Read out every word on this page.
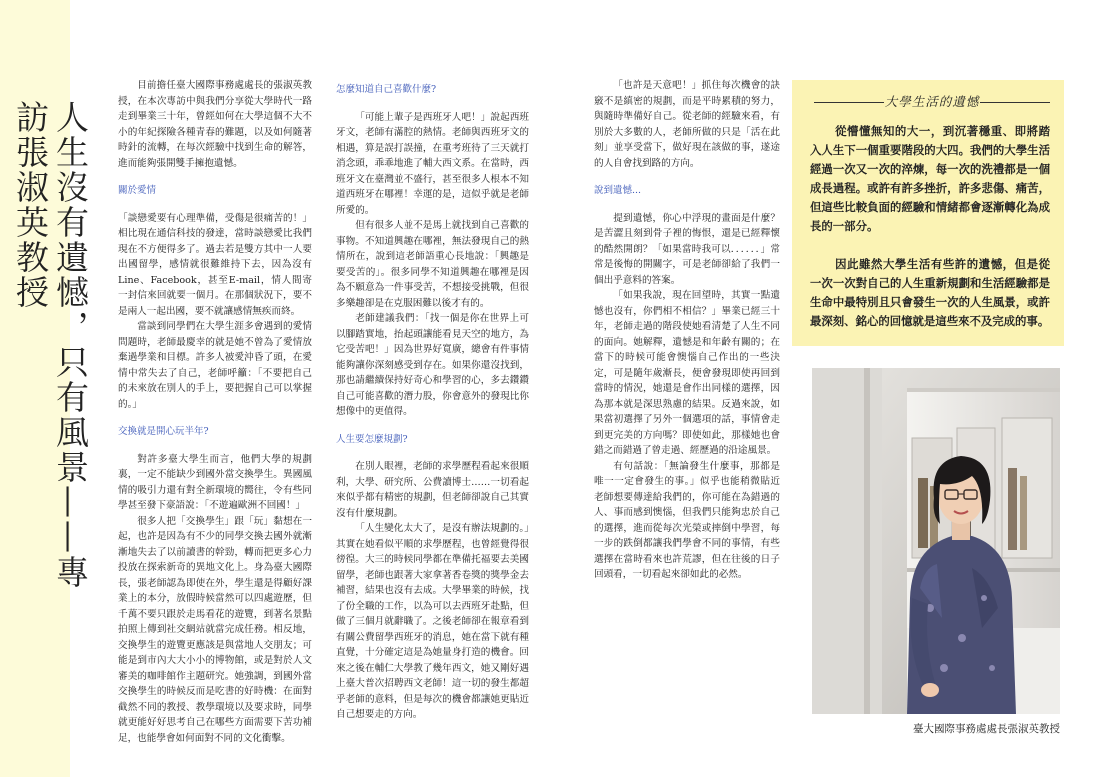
人生沒有遺憾，只有風景——專訪張淑英教授

目前擔任臺大國際事務處處長的張淑英教授，在本次專訪中與我們分享從大學時代一路走到畢業三十年，曾經如何在大學這個不大不小的年紀探險各種青春的難題，以及如何隨著時針的流轉，在每次經驗中找到生命的解答，進而能夠張開雙手擁抱遺憾。

關於愛情

「談戀愛要有心理準備，受傷是很痛苦的！」相比現在通信科技的發達，當時談戀愛比我們現在不方便得多了。過去若是雙方其中一人要出國留學，感情就很難維持下去，因為沒有Line、Facebook，甚至E-mail，情人間寄一封信來回就要一個月。在那個狀況下，要不是兩人一起出國，要不就讓感情無疾而終。

當談到同學們在大學生涯多會遇到的愛情問題時，老師最慶幸的就是她不曾為了愛情放棄過學業和目標。許多人被愛沖昏了頭，在愛情中常失去了自己，老師呼籲：「不要把自己的未來放在別人的手上，要把握自己可以掌握的。」

交換就是開心玩半年?

對許多臺大學生而言，他們大學的規劃裏，一定不能缺少到國外當交換學生。異國風情的吸引力還有對全新環境的嚮往，令有些同學甚至發下豪語說：「不遊遍歐洲不回國！」

很多人把「交換學生」跟「玩」黏想在一起，也許是因為有不少的同學交換去國外就漸漸地失去了以前讀書的幹勁，轉而把更多心力投放在探索新奇的異地文化上。身為臺大國際長，張老師認為即使在外，學生還是得顧好課業上的本分，放假時候當然可以四處遊歷，但千萬不要只跟於走馬看花的遊覽，到著名景點拍照上傳到社交網站就當完成任務。相反地，交換學生的遊覽更應該是與當地人交朋友；可能是到市內大大小小的博物館，或是對於人文審美的咖啡館作主題研究。她強調，到國外當交換學生的時候反而是吃書的好時機：在面對截然不同的教授、教學環境以及要求時，同學就更能好好思考自己在哪些方面需要下苦功補足，也能學會如何面對不同的文化衝擊。

怎麼知道自己喜歡什麼?

「可能上輩子是西班牙人吧！」說起西班牙文，老師有滿腔的熱情。老師與西班牙文的相遇，算是誤打誤撞，在重考班待了三天就打消念頭，乖乖地進了輔大西文系。在當時，西班牙文在臺灣並不盛行，甚至很多人根本不知道西班牙在哪裡！幸運的是，這似乎就是老師所愛的。

但有很多人並不是馬上就找到自己喜歡的事物。不知道興趣在哪裡，無法發現自己的熱情所在，說到這老師語重心長地說：「興趣是要受苦的」。很多同學不知道興趣在哪裡是因為不願意為一件事受苦，不想接受挑戰，但很多樂趣卻是在克服困難以後才有的。

老師建議我們：「找一個是你在世界上可以腳踏實地，抬起頭讓能看見天空的地方，為它受苦吧！」因為世界好寬廣，總會有件事情能夠讓你深刻感受到存在。如果你還沒找到，那也請繼續保持好奇心和學習的心，多去鑽鑽自己可能喜歡的潛力股，你會意外的發現比你想像中的更值得。

人生要怎麼規劃?

在別人眼裡，老師的求學歷程看起來很順利，大學、研究所、公費讀博士……一切看起來似乎都有精密的規劃，但老師卻說自己其實沒有什麼規劃。

「人生變化太大了，是沒有辦法規劃的。」其實在她看似平順的求學歷程，也曾經覺得很徬徨。大三的時候同學都在準備托福要去美國留學，老師也跟著大家拿著香卷獎的獎學金去補習，結果也沒有去成。大學畢業的時候，找了份全職的工作，以為可以去西班牙赴點，但做了三個月就辭職了。之後老師卻在報章看到有關公費留學西班牙的消息，她在當下就有種直覺，十分確定這是為她量身打造的機會。回來之後在輔仁大學教了幾年西文，她又剛好遇上臺大普次招聘西文老師！這一切的發生都超乎老師的意料，但是每次的機會都讓她更貼近自己想要走的方向。

「也許是天意吧！」抓住每次機會的訣竅不是縝密的規劃，而是平時累積的努力，與隨時準備好自己。從老師的經驗來看，有別於大多數的人，老師所做的只是「活在此刻」並享受當下，做好現在該做的事，遂途的人自會找到路的方向。

說到遺憾...

提到遺憾，你心中浮現的畫面是什麼？是苦澀且刻到骨子裡的悔恨，還是已經釋懷的酷然開朗？「如果當時我可以．．．．．．」常常是後悔的開關字，可是老師卻給了我們一個出乎意料的答案。

「如果我說，現在回望時，其實一點遺憾也沒有，你們相不相信？」畢業已經三十年，老師走過的階段使她看清楚了人生不同的面向。她解釋，遺憾是和年齡有關的；在當下的時候可能會懊惱自己作出的一些決定，可是隨年歲漸長，便會發現即使再回到當時的情況，她還是會作出同樣的選擇，因為那本就是深思熟慮的結果。反過來說，如果當初選擇了另外一個選項的話，事情會走到更完美的方向嗎？即使如此，那樣她也會錯之而錯過了曾走過、經歷過的沿途風景。

有句話說：「無論發生什麼事，那都是唯一一定會發生的事。」似乎也能稍微貼近老師想要傳達給我們的，你可能在為錯過的人、事而感到懊惱，但我們只能夠忠於自己的選擇，進而從每次光榮或摔倒中學習，每一步的跌倒都讓我們學會不同的事情，有些選擇在當時看來也許荒謬，但在往後的日子回頭看，一切看起來卻如此的必然。

大學生活的遺憾

從懵懂無知的大一，到沉著穩重、即將踏入人生下一個重要階段的大四。我們的大學生活經過一次又一次的淬煉，每一次的洗禮都是一個成長過程。或許有許多挫折，許多悲傷、痛苦，但這些比較負面的經驗和情緒都會逐漸轉化為成長的一部分。

因此雖然大學生活有些許的遺憾，但是從一次一次對自己的人生重新規劃和生活經驗都是生命中最特別且只會發生一次的人生風景，或許最深刻、銘心的回憶就是這些來不及完成的事。

臺大國際事務處處長張淑英教授
